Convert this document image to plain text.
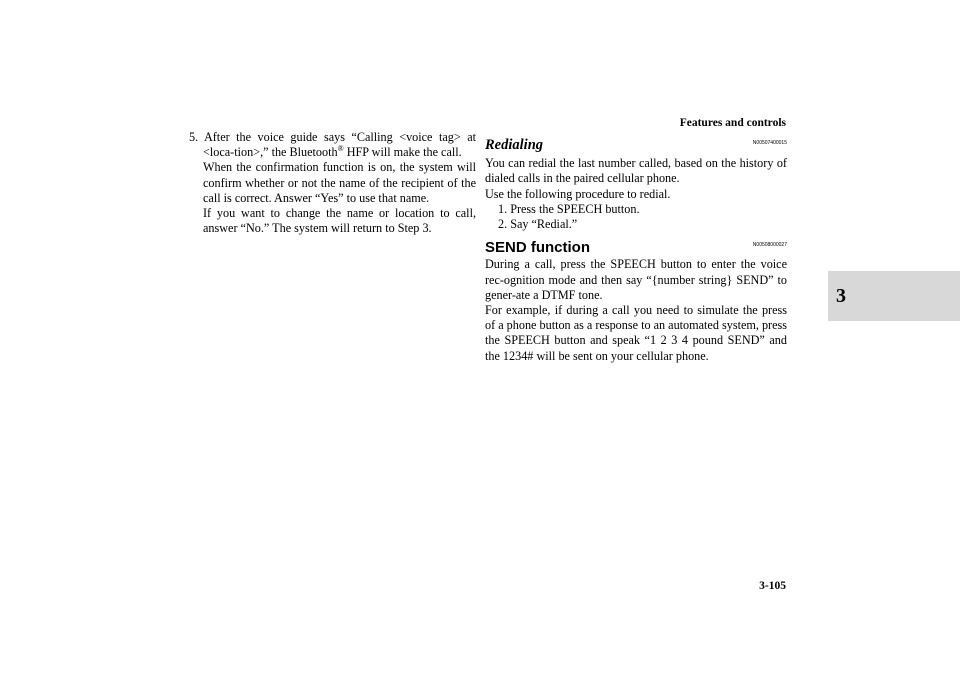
Features and controls
3

5. After the voice guide says “Calling <voice tag> at <loca-tion>,” the Bluetooth® HFP will make the call.

When the confirmation function is on, the system will confirm whether or not the name of the recipient of the call is correct. Answer “Yes” to use that name.

If you want to change the name or location to call, answer “No.” The system will return to Step 3.

Redialing	N00507400015

You can redial the last number called, based on the history of dialed calls in the paired cellular phone.

Use the following procedure to redial.

1. Press the SPEECH button.

2. Say “Redial.”

SEND function	N00508000027

During a call, press the SPEECH button to enter the voice rec-ognition mode and then say “{number string} SEND” to gener-ate a DTMF tone.

For example, if during a call you need to simulate the press of a phone button as a response to an automated system, press the SPEECH button and speak “1 2 3 4 pound SEND” and the 1234# will be sent on your cellular phone.

3-105
